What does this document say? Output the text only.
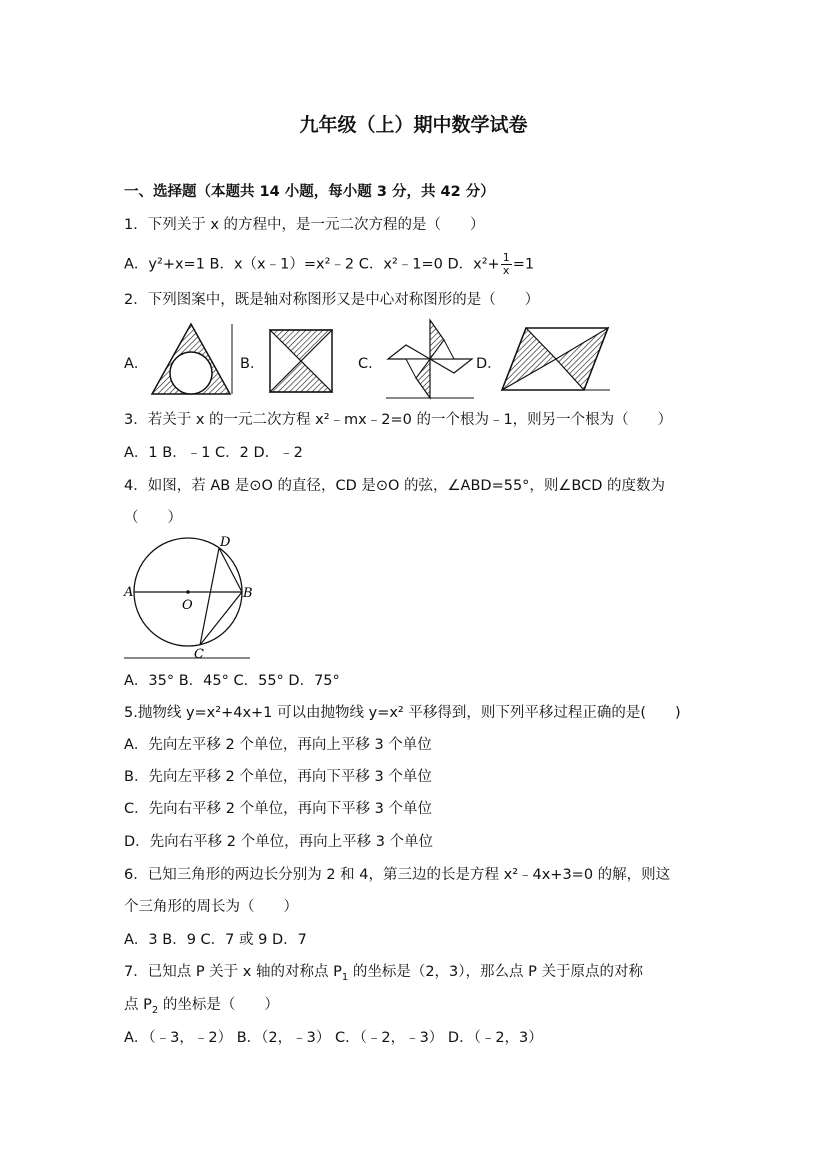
九年级（上）期中数学试卷
一、选择题（本题共 14 小题，每小题 3 分，共 42 分）
1．下列关于 x 的方程中，是一元二次方程的是（　　）
A．y²+x=1 B．x（x﹣1）=x²﹣2 C．x²﹣1=0 D．$x^2+ \frac{1}{x} =1$
2．下列图案中，既是轴对称图形又是中心对称图形的是（　　）
A．	B．	C．	D．
3．若关于 x 的一元二次方程 x²﹣mx﹣2=0 的一个根为﹣1，则另一个根为（　　）
A．1 B．﹣1 C．2 D．﹣2
4．如图，若 AB 是⊙O 的直径，CD 是⊙O 的弦，∠ABD=55°，则∠BCD 的度数为
（　　）
A	B
C
D
O
A．35° B．45° C．55° D．75°
5.抛物线 y=x²+4x+1 可以由抛物线 y=x² 平移得到，则下列平移过程正确的是(　　)
A．先向左平移 2 个单位，再向上平移 3 个单位
B．先向左平移 2 个单位，再向下平移 3 个单位
C．先向右平移 2 个单位，再向下平移 3 个单位
D．先向右平移 2 个单位，再向上平移 3 个单位
6．已知三角形的两边长分别为 2 和 4，第三边的长是方程 x²﹣4x+3=0 的解，则这
个三角形的周长为（　　）
A．3 B．9 C．7 或 9 D．7
7．已知点 P 关于 x 轴的对称点 $P_1$ 的坐标是（2，3），那么点 P 关于原点的对称
点 $P_2$ 的坐标是（　　）
A．（﹣3，﹣2） B．（2，﹣3） C．（﹣2，﹣3） D．（﹣2，3）
